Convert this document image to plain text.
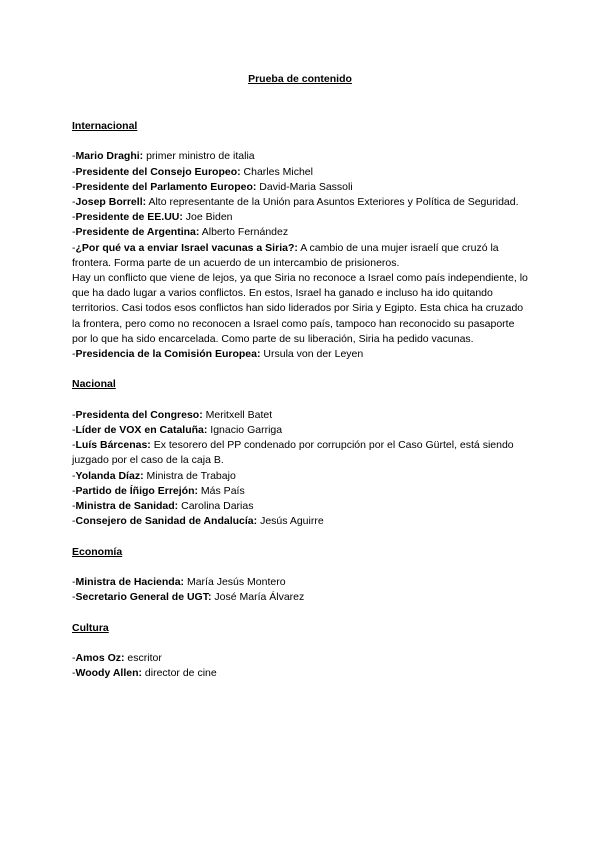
Prueba de contenido

Internacional

-Mario Draghi: primer ministro de italia

-Presidente del Consejo Europeo: Charles Michel

-Presidente del Parlamento Europeo: David-Maria Sassoli

-Josep Borrell: Alto representante de la Unión para Asuntos Exteriores y Política de Seguridad.

-Presidente de EE.UU: Joe Biden

-Presidente de Argentina: Alberto Fernández

-¿Por qué va a enviar Israel vacunas a Siria?: A cambio de una mujer israelí que cruzó la frontera. Forma parte de un acuerdo de un intercambio de prisioneros.

Hay un conflicto que viene de lejos, ya que Siria no reconoce a Israel como país independiente, lo que ha dado lugar a varios conflictos. En estos, Israel ha ganado e incluso ha ido quitando territorios. Casi todos esos conflictos han sido liderados por Siria y Egipto. Esta chica ha cruzado la frontera, pero como no reconocen a Israel como país, tampoco han reconocido su pasaporte por lo que ha sido encarcelada. Como parte de su liberación, Siria ha pedido vacunas.

-Presidencia de la Comisión Europea: Ursula von der Leyen

Nacional

-Presidenta del Congreso: Meritxell Batet

-Líder de VOX en Cataluña: Ignacio Garriga

-Luís Bárcenas: Ex tesorero del PP condenado por corrupción por el Caso Gürtel, está siendo juzgado por el caso de la caja B.

-Yolanda Díaz: Ministra de Trabajo

-Partido de Íñigo Errejón: Más País

-Ministra de Sanidad: Carolina Darias

-Consejero de Sanidad de Andalucía: Jesús Aguirre

Economía

-Ministra de Hacienda: María Jesús Montero

-Secretario General de UGT: José María Álvarez

Cultura

-Amos Oz: escritor

-Woody Allen: director de cine
